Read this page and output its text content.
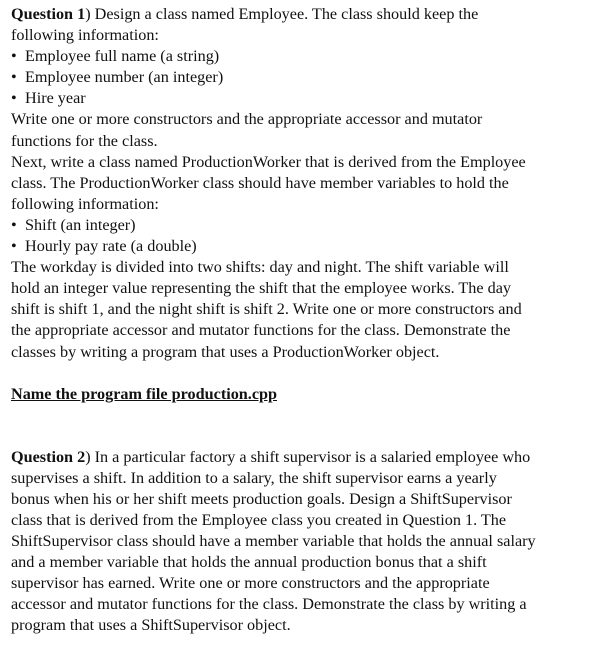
Question 1) Design a class named Employee. The class should keep the
following information:
• Employee full name (a string)
• Employee number (an integer)
• Hire year
Write one or more constructors and the appropriate accessor and mutator
functions for the class.
Next, write a class named ProductionWorker that is derived from the Employee
class. The ProductionWorker class should have member variables to hold the
following information:
• Shift (an integer)
• Hourly pay rate (a double)
The workday is divided into two shifts: day and night. The shift variable will
hold an integer value representing the shift that the employee works. The day
shift is shift 1, and the night shift is shift 2. Write one or more constructors and
the appropriate accessor and mutator functions for the class. Demonstrate the
classes by writing a program that uses a ProductionWorker object.
Name the program file production.cpp
Question 2) In a particular factory a shift supervisor is a salaried employee who
supervises a shift. In addition to a salary, the shift supervisor earns a yearly
bonus when his or her shift meets production goals. Design a ShiftSupervisor
class that is derived from the Employee class you created in Question 1. The
ShiftSupervisor class should have a member variable that holds the annual salary
and a member variable that holds the annual production bonus that a shift
supervisor has earned. Write one or more constructors and the appropriate
accessor and mutator functions for the class. Demonstrate the class by writing a
program that uses a ShiftSupervisor object.
